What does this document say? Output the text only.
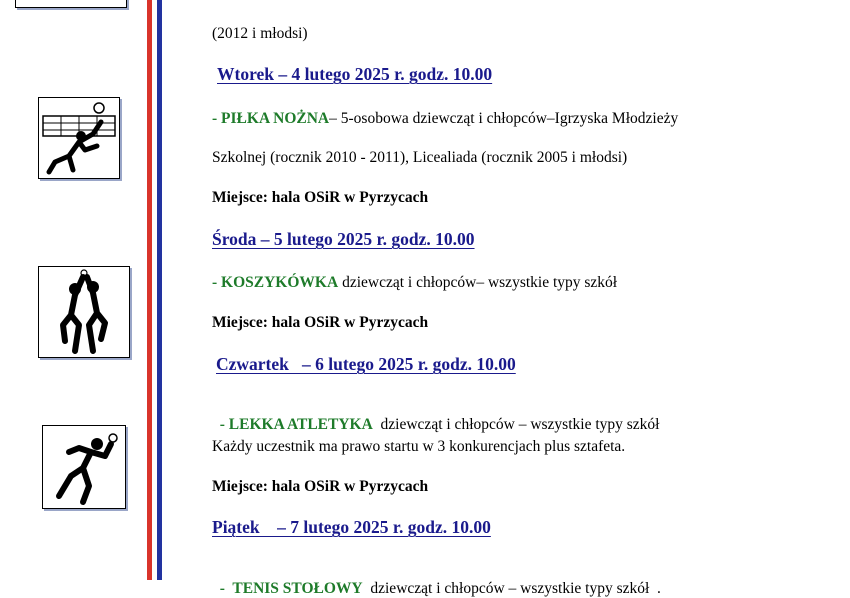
(2012 i młodsi)
Wtorek – 4 lutego 2025 r. godz. 10.00
- PIŁKA NOŻNA– 5-osobowa dziewcząt i chłopców–Igrzyska Młodzieży
Szkolnej (rocznik 2010 - 2011), Licealiada (rocznik 2005 i młodsi)
Miejsce: hala OSiR w Pyrzycach
Środa – 5 lutego 2025 r. godz. 10.00
- KOSZYKÓWKA dziewcząt i chłopców– wszystkie typy szkół
Miejsce: hala OSiR w Pyrzycach
Czwartek   – 6 lutego 2025 r. godz. 10.00

- LEKKA ATLETYKA  dziewcząt i chłopców – wszystkie typy szkół

Każdy uczestnik ma prawo startu w 3 konkurencjach plus sztafeta.
Miejsce: hala OSiR w Pyrzycach
Piątek    – 7 lutego 2025 r. godz. 10.00

-  TENIS STOŁOWY  dziewcząt i chłopców – wszystkie typy szkół  .
